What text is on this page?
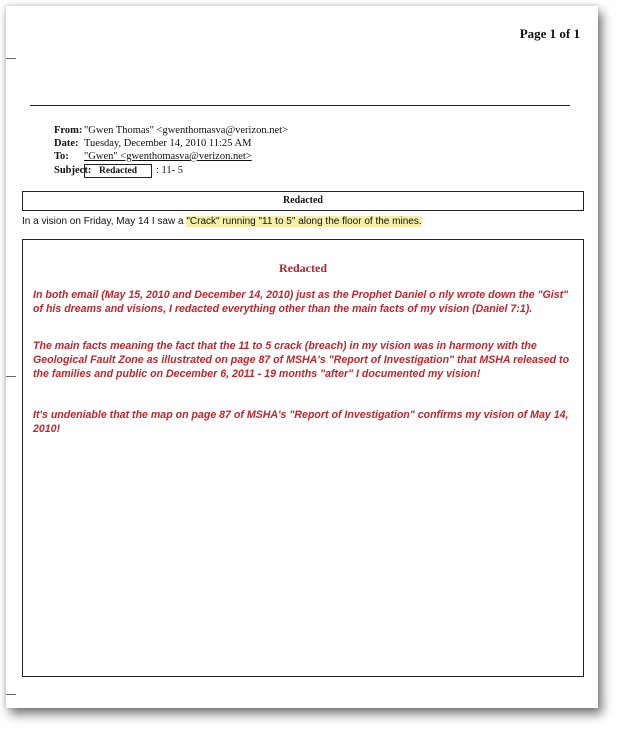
Page 1 of 1
From: "Gwen Thomas" <gwenthomasva@verizon.net>
Date: Tuesday, December 14, 2010 11:25 AM
To:	"Gwen" <gwenthomasva@verizon.net>
Subject: Redacted	: 11- 5
Redacted
In a vision on Friday, May 14 I saw a "Crack" running "11 to 5" along the floor of the mines.
Redacted
In both email (May 15, 2010 and December 14, 2010) just as the Prophet Daniel o nly wrote down the "Gist" of his dreams and visions, I redacted everything other than the main facts of my vision (Daniel 7:1).
The main facts meaning the fact that the 11 to 5 crack (breach) in my vision was in harmony with the Geological Fault Zone as illustrated on page 87 of MSHA's "Report of Investigation" that MSHA released to the families and public on December 6, 2011 - 19 months "after" I documented my vision!
It's undeniable that the map on page 87 of MSHA's "Report of Investigation" confirms my vision of May 14, 2010!
